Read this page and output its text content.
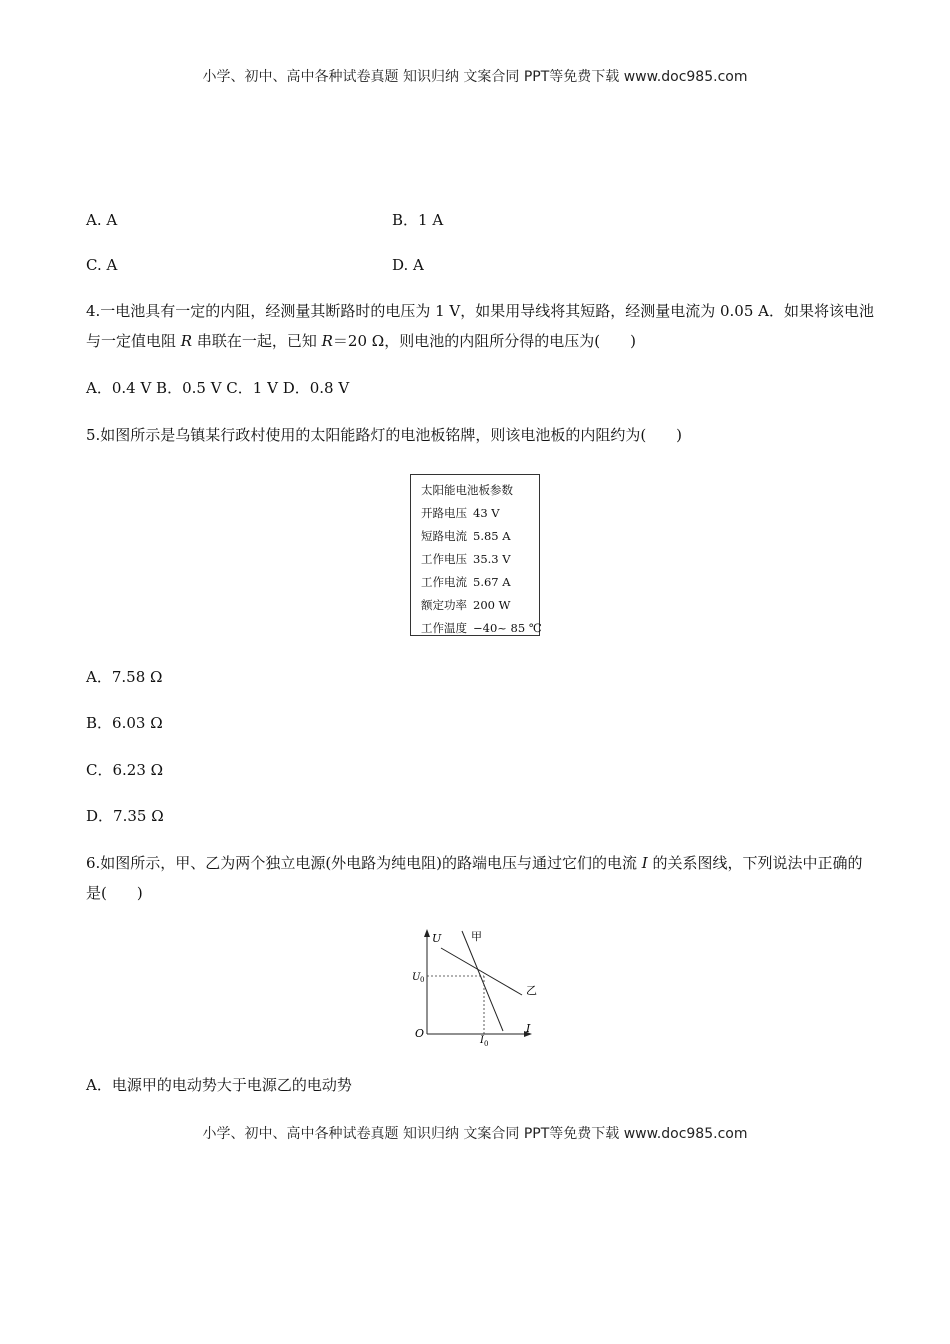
小学、初中、高中各种试卷真题 知识归纳 文案合同 PPT等免费下载 www.doc985.com
A. A	B．1 A
C. A	D. A
4.一电池具有一定的内阻，经测量其断路时的电压为 1 V，如果用导线将其短路，经测量电流为 0.05 A．如果将该电池与一定值电阻 R 串联在一起，已知 R＝20 Ω，则电池的内阻所分得的电压为( )
A．0.4 V B．0.5 V C．1 V D．0.8 V
5.如图所示是乌镇某行政村使用的太阳能路灯的电池板铭牌，则该电池板的内阻约为( )
太阳能电池板参数
开路电压 43 V
短路电流 5.85 A
工作电压 35.3 V
工作电流 5.67 A
额定功率 200 W
工作温度 −40~ 85 ℃
A．7.58 Ω
B．6.03 Ω
C．6.23 Ω
D．7.35 Ω
6.如图所示，甲、乙为两个独立电源(外电路为纯电阻)的路端电压与通过它们的电流 I 的关系图线，下列说法中正确的是( )
U
I
O
U 0
I 0
甲
乙
A．电源甲的电动势大于电源乙的电动势
小学、初中、高中各种试卷真题 知识归纳 文案合同 PPT等免费下载 www.doc985.com
